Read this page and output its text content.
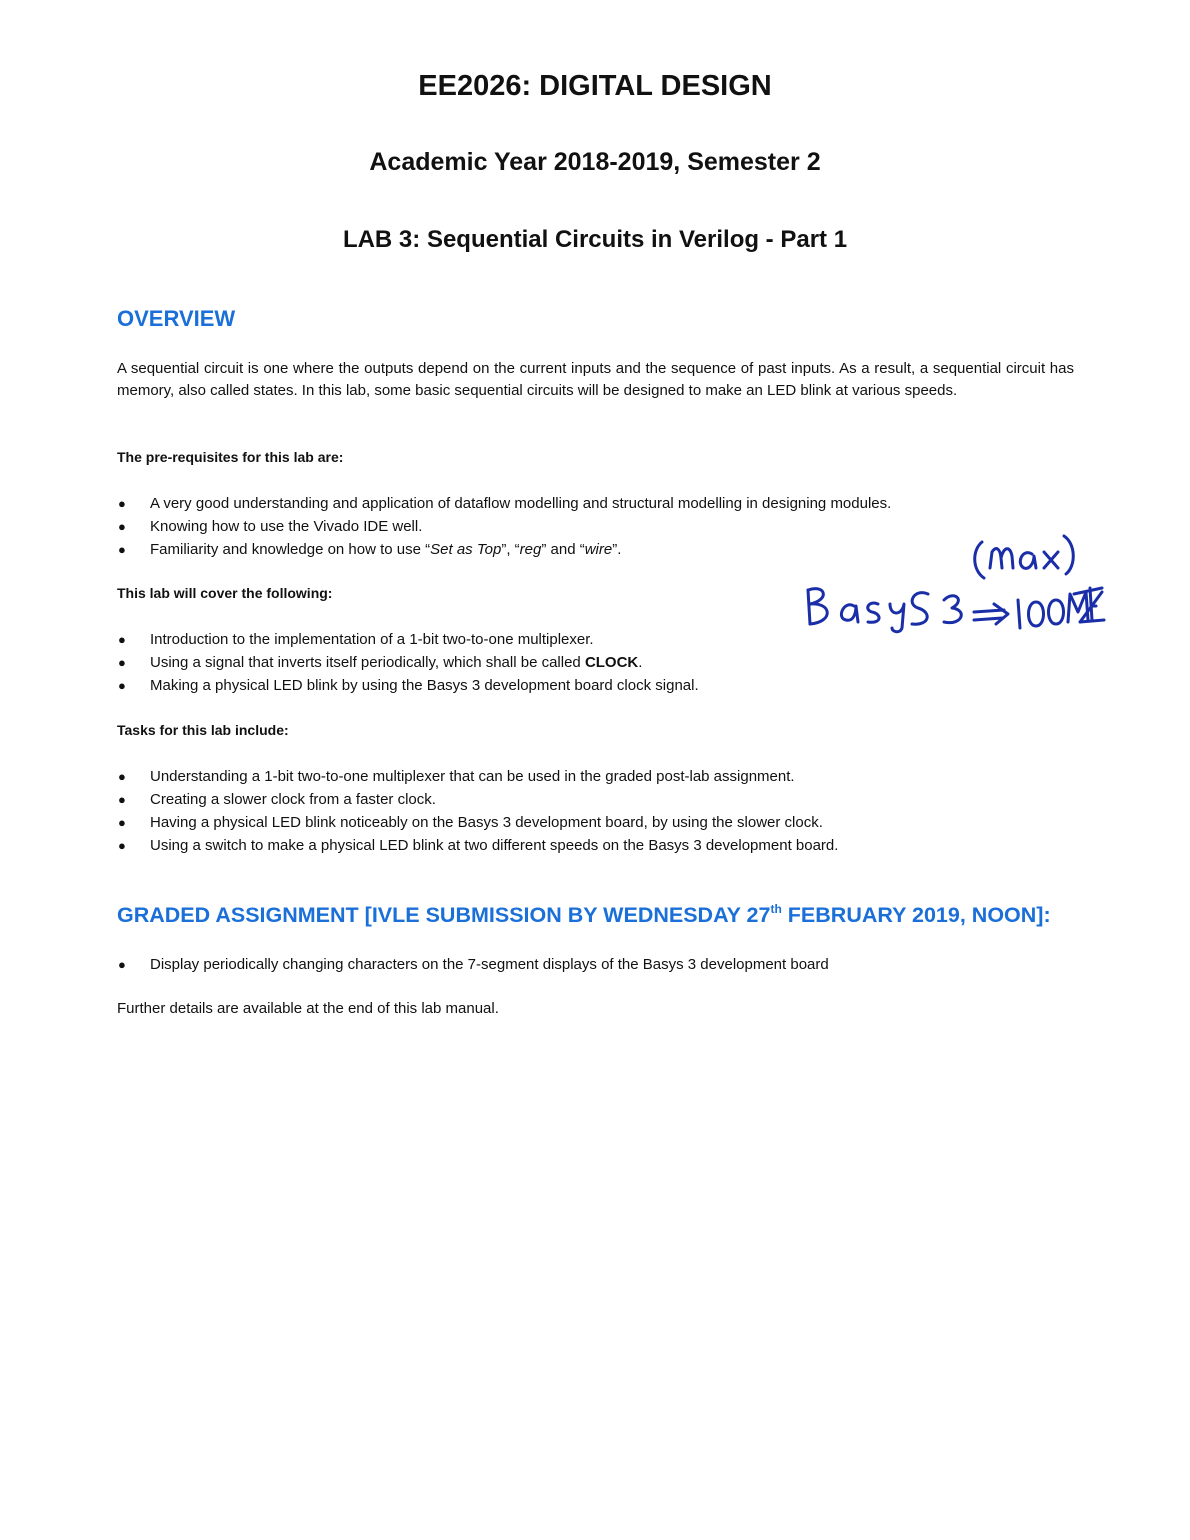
EE2026: DIGITAL DESIGN
Academic Year 2018-2019, Semester 2
LAB 3: Sequential Circuits in Verilog - Part 1
OVERVIEW

A sequential circuit is one where the outputs depend on the current inputs and the sequence of past inputs. As a result, a sequential circuit has memory, also called states. In this lab, some basic sequential circuits will be designed to make an LED blink at various speeds.

The pre-requisites for this lab are:

● A very good understanding and application of dataflow modelling and structural modelling in designing modules.
● Knowing how to use the Vivado IDE well.
● Familiarity and knowledge on how to use “Set as Top”, “reg” and “wire”.

This lab will cover the following:

● Introduction to the implementation of a 1-bit two-to-one multiplexer.
● Using a signal that inverts itself periodically, which shall be called CLOCK.
● Making a physical LED blink by using the Basys 3 development board clock signal.

Tasks for this lab include:

● Understanding a 1-bit two-to-one multiplexer that can be used in the graded post-lab assignment.
● Creating a slower clock from a faster clock.
● Having a physical LED blink noticeably on the Basys 3 development board, by using the slower clock.
● Using a switch to make a physical LED blink at two different speeds on the Basys 3 development board.
GRADED ASSIGNMENT [IVLE SUBMISSION BY WEDNESDAY 27th FEBRUARY 2019, NOON]:
● Display periodically changing characters on the 7-segment displays of the Basys 3 development board

Further details are available at the end of this lab manual.
